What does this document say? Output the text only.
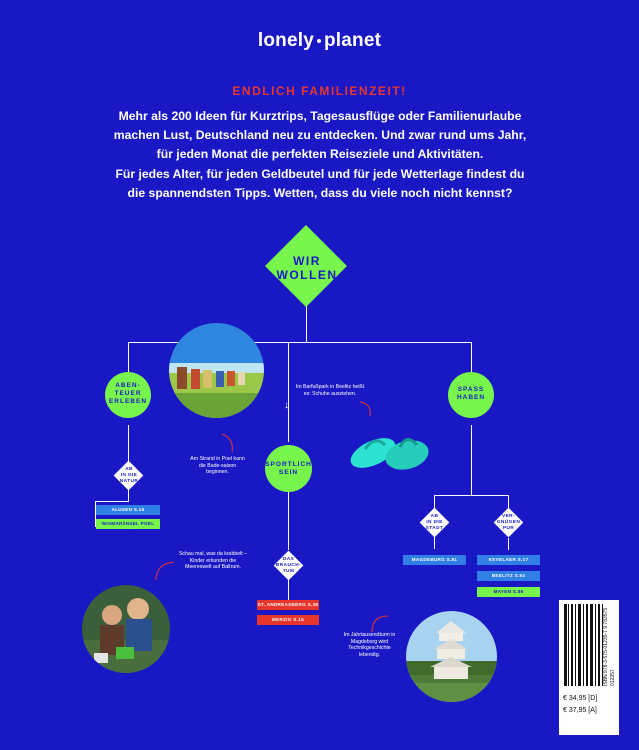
lonely planet
ENDLICH FAMILIENZEIT!
Mehr als 200 Ideen für Kurztrips, Tagesausflüge oder Familienurlaube machen Lust, Deutschland neu zu entdecken. Und zwar rund ums Jahr, für jeden Monat die perfekten Reiseziele und Aktivitäten.
Für jedes Alter, für jeden Geldbeutel und für jede Wetterlage findest du die spannendsten Tipps. Wetten, dass du viele noch nicht kennst?
↓
WIR
WOLLEN
ABEN-
TEUER
ERLEBEN
SPASS
HABEN
SPORTLICH
SEIN
AB
IN DIE
NATUR
DAS
BRAUCH-
TUM
AB
IN DIE
STADT
VER-
GNÜGEN
PUR
ALUSEN S.15
WISMAR/INSEL POEL S.86
ST. ANDREASBERG S.38
MERZIG S.15
MAGDEBURG S.81	KEVELAER S.17
BEELITZ S.54
MAYEN S.86
Im Barfußpark in Beelitz heißt es: Schuhe ausziehen.
Am Strand in Poel kann die Bade-saison beginnen.
Schau mal, was da krabbelt – Kinder erkunden die Meereswelt auf Baltrum.
Im Jahrtausendturm in Magdeburg wird Technikgeschichte lebendig.	ISBN 978-3-575-01235-7 9 783575 012357
€ 34,95 [D]
€ 37,95 [A]
